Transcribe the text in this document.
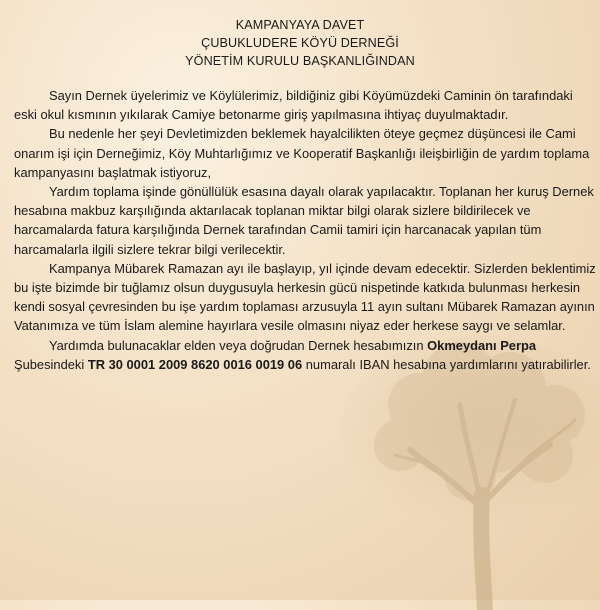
KAMPANYAYA DAVET
ÇUBUKLUDERE KÖYÜ DERNEĞİ
YÖNETİM KURULU BAŞKANLIĞINDAN

Sayın Dernek üyelerimiz ve Köylülerimiz, bildiğiniz gibi Köyümüzdeki Caminin ön tarafındaki eski okul kısmının yıkılarak Camiye betonarme giriş yapılmasına ihtiyaç duyulmaktadır.

Bu nedenle her şeyi Devletimizden beklemek hayalcilikten öteye geçmez düşüncesi ile Cami onarım işi için Derneğimiz, Köy Muhtarlığımız ve Kooperatif Başkanlığı ileişbirliğin de yardım toplama kampanyasını başlatmak istiyoruz,

Yardım toplama işinde gönüllülük esasına dayalı olarak yapılacaktır. Toplanan her kuruş Dernek hesabına makbuz karşılığında aktarılacak toplanan miktar bilgi olarak sizlere bildirilecek ve harcamalarda fatura karşılığında Dernek tarafından Camii tamiri için harcanacak yapılan tüm harcamalarla ilgili sizlere tekrar bilgi verilecektir.

Kampanya Mübarek Ramazan ayı ile başlayıp, yıl içinde devam edecektir. Sizlerden beklentimiz bu işte bizimde bir tuğlamız olsun duygusuyla herkesin gücü nispetinde katkıda bulunması herkesin kendi sosyal çevresinden bu işe yardım toplaması arzusuyla 11 ayın sultanı Mübarek Ramazan ayının Vatanımıza ve tüm İslam alemine hayırlara vesile olmasını niyaz eder herkese saygı ve selamlar.

Yardımda bulunacaklar elden veya doğrudan Dernek hesabımızın Okmeydanı Perpa Şubesindeki TR 30 0001 2009 8620 0016 0019 06 numaralı IBAN hesabına yardımlarını yatırabilirler.
